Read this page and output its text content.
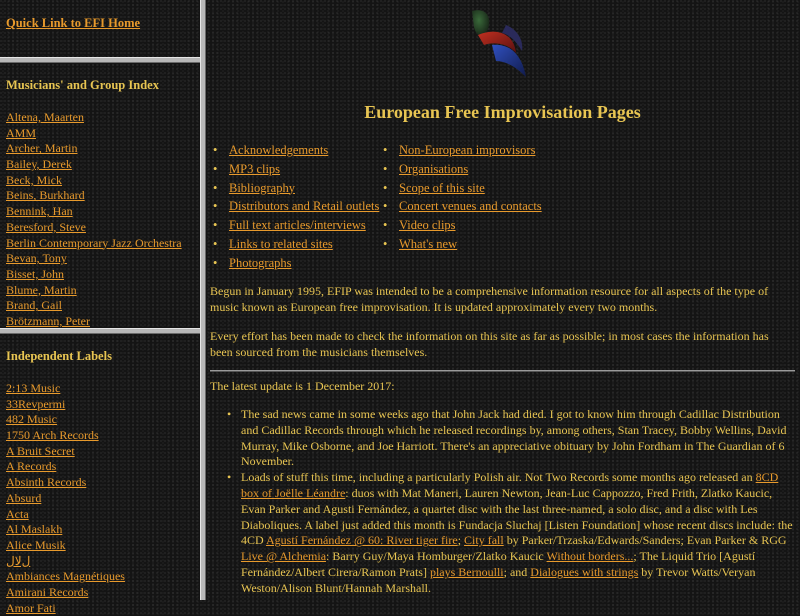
Quick Link to EFI Home
Musicians' and Group Index
Altena, Maarten
AMM
Archer, Martin
Bailey, Derek
Beck, Mick
Beins, Burkhard
Bennink, Han
Beresford, Steve
Berlin Contemporary Jazz Orchestra
Bevan, Tony
Bisset, John
Blume, Martin
Brand, Gail
Brötzmann, Peter
Independent Labels
2:13 Music
33Revpermi
482 Music
1750 Arch Records
A Bruit Secret
A Records
Absinth Records
Absurd
Acta
Al Maslakh
Alice Musik
ﻝﻻﻝ
Ambiances Magnétiques
Amirani Records
Amor Fati
European Free Improvisation Pages
• Acknowledgements
• MP3 clips
• Bibliography
• Distributors and Retail outlets
• Full text articles/interviews
• Links to related sites
• Photographs
• Non-European improvisors
• Organisations
• Scope of this site
• Concert venues and contacts
• Video clips
• What's new

Begun in January 1995, EFIP was intended to be a comprehensive information resource for all aspects of the type of music known as European free improvisation. It is updated approximately every two months.

Every effort has been made to check the information on this site as far as possible; in most cases the information has been sourced from the musicians themselves.

The latest update is 1 December 2017:

• The sad news came in some weeks ago that John Jack had died. I got to know him through Cadillac Distribution and Cadillac Records through which he released recordings by, among others, Stan Tracey, Bobby Wellins, David Murray, Mike Osborne, and Joe Harriott. There's an appreciative obituary by John Fordham in The Guardian of 6 November.
• Loads of stuff this time, including a particularly Polish air. Not Two Records some months ago released an 8CD box of Joëlle Léandre: duos with Mat Maneri, Lauren Newton, Jean-Luc Cappozzo, Fred Frith, Zlatko Kaucic, Evan Parker and Agusti Fernández, a quartet disc with the last three-named, a solo disc, and a disc with Les Diaboliques. A label just added this month is Fundacja Sluchaj [Listen Foundation] whose recent discs include: the 4CD Agustí Fernández @ 60: River tiger fire; City fall by Parker/Trzaska/Edwards/Sanders; Evan Parker & RGG Live @ Alchemia: Barry Guy/Maya Homburger/Zlatko Kaucic Without borders...; The Liquid Trio [Agustí Fernández/Albert Cirera/Ramon Prats] plays Bernoulli; and Dialogues with strings by Trevor Watts/Veryan Weston/Alison Blunt/Hannah Marshall.
